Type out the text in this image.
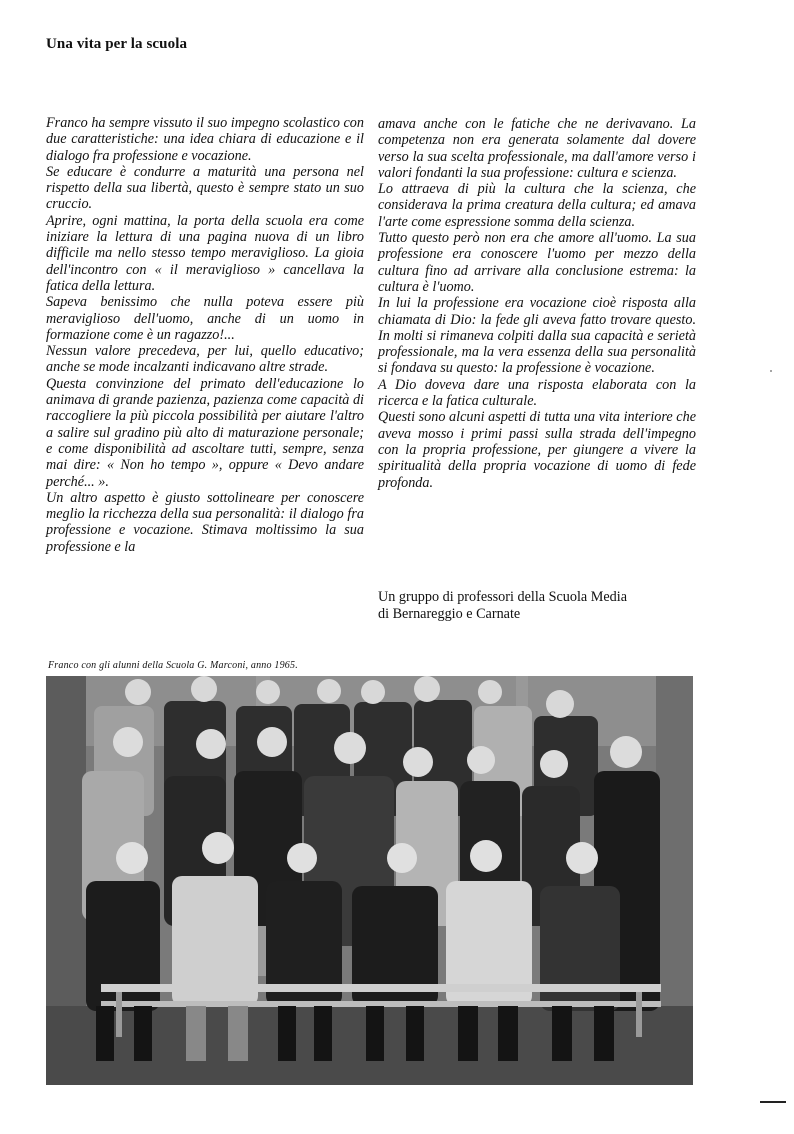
Una vita per la scuola

Franco ha sempre vissuto il suo impegno scolastico con due caratteristiche: una idea chiara di educazione e il dialogo fra professione e vocazione.

Se educare è condurre a maturità una persona nel rispetto della sua libertà, questo è sempre stato un suo cruccio.

Aprire, ogni mattina, la porta della scuola era come iniziare la lettura di una pagina nuova di un libro difficile ma nello stesso tempo meraviglioso. La gioia dell'incontro con « il meraviglioso » cancellava la fatica della lettura.

Sapeva benissimo che nulla poteva essere più meraviglioso dell'uomo, anche di un uomo in formazione come è un ragazzo!...

Nessun valore precedeva, per lui, quello educativo; anche se mode incalzanti indicavano altre strade.

Questa convinzione del primato dell'educazione lo animava di grande pazienza, pazienza come capacità di raccogliere la più piccola possibilità per aiutare l'altro a salire sul gradino più alto di maturazione personale; e come disponibilità ad ascoltare tutti, sempre, senza mai dire: « Non ho tempo », oppure « Devo andare perché... ».

Un altro aspetto è giusto sottolineare per conoscere meglio la ricchezza della sua personalità: il dialogo fra professione e vocazione. Stimava moltissimo la sua professione e la

amava anche con le fatiche che ne derivavano. La competenza non era generata solamente dal dovere verso la sua scelta professionale, ma dall'amore verso i valori fondanti la sua professione: cultura e scienza.

Lo attraeva di più la cultura che la scienza, che considerava la prima creatura della cultura; ed amava l'arte come espressione somma della scienza.

Tutto questo però non era che amore all'uomo. La sua professione era conoscere l'uomo per mezzo della cultura fino ad arrivare alla conclusione estrema: la cultura è l'uomo.

In lui la professione era vocazione cioè risposta alla chiamata di Dio: la fede gli aveva fatto trovare questo. In molti si rimaneva colpiti dalla sua capacità e serietà professionale, ma la vera essenza della sua personalità si fondava su questo: la professione è vocazione.

A Dio doveva dare una risposta elaborata con la ricerca e la fatica culturale.

Questi sono alcuni aspetti di tutta una vita interiore che aveva mosso i primi passi sulla strada dell'impegno con la propria professione, per giungere a vivere la spiritualità della propria vocazione di uomo di fede profonda.

Un gruppo di professori della Scuola Media
di Bernareggio e Carnate
Franco con gli alunni della Scuola G. Marconi, anno 1965.
